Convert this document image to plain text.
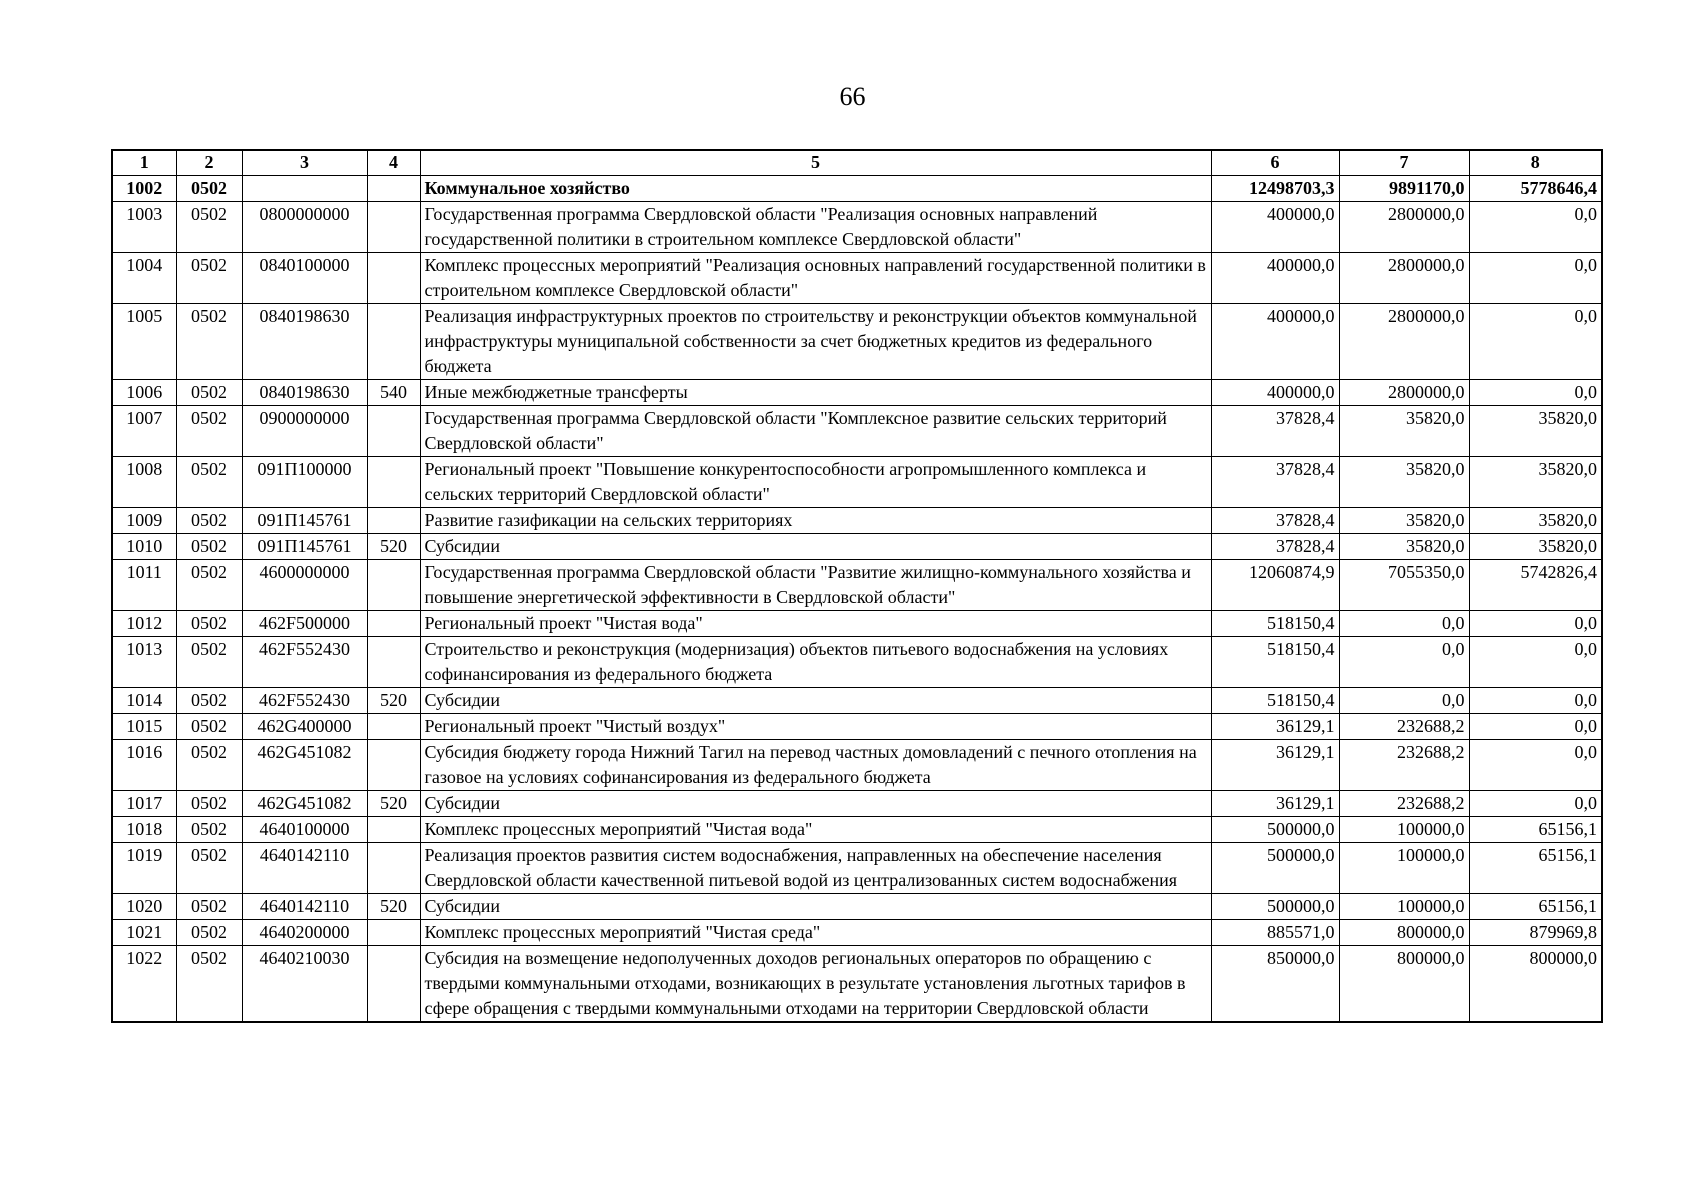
66
1	2	3	4	5	6	7	8
1002	0502			Коммунальное хозяйство	12498703,3	9891170,0	5778646,4
1003	0502	0800000000		Государственная программа Свердловской области "Реализация основных направлений государственной политики в строительном комплексе Свердловской области"	400000,0	2800000,0	0,0
1004	0502	0840100000		Комплекс процессных мероприятий "Реализация основных направлений государственной политики в строительном комплексе Свердловской области"	400000,0	2800000,0	0,0
1005	0502	0840198630		Реализация инфраструктурных проектов по строительству и реконструкции объектов коммунальной инфраструктуры муниципальной собственности за счет бюджетных кредитов из федерального бюджета	400000,0	2800000,0	0,0
1006	0502	0840198630	540	Иные межбюджетные трансферты	400000,0	2800000,0	0,0
1007	0502	0900000000		Государственная программа Свердловской области "Комплексное развитие сельских территорий Свердловской области"	37828,4	35820,0	35820,0
1008	0502	091П100000		Региональный проект "Повышение конкурентоспособности агропромышленного комплекса и сельских территорий Свердловской области"	37828,4	35820,0	35820,0
1009	0502	091П145761		Развитие газификации на сельских территориях	37828,4	35820,0	35820,0
1010	0502	091П145761	520	Субсидии	37828,4	35820,0	35820,0
1011	0502	4600000000		Государственная программа Свердловской области "Развитие жилищно-коммунального хозяйства и повышение энергетической эффективности в Свердловской области"	12060874,9	7055350,0	5742826,4
1012	0502	462F500000		Региональный проект "Чистая вода"	518150,4	0,0	0,0
1013	0502	462F552430		Строительство и реконструкция (модернизация) объектов питьевого водоснабжения на условиях софинансирования из федерального бюджета	518150,4	0,0	0,0
1014	0502	462F552430	520	Субсидии	518150,4	0,0	0,0
1015	0502	462G400000		Региональный проект "Чистый воздух"	36129,1	232688,2	0,0
1016	0502	462G451082		Субсидия бюджету города Нижний Тагил на перевод частных домовладений с печного отопления на газовое на условиях софинансирования из федерального бюджета	36129,1	232688,2	0,0
1017	0502	462G451082	520	Субсидии	36129,1	232688,2	0,0
1018	0502	4640100000		Комплекс процессных мероприятий "Чистая вода"	500000,0	100000,0	65156,1
1019	0502	4640142110		Реализация проектов развития систем водоснабжения, направленных на обеспечение населения Свердловской области качественной питьевой водой из централизованных систем водоснабжения	500000,0	100000,0	65156,1
1020	0502	4640142110	520	Субсидии	500000,0	100000,0	65156,1
1021	0502	4640200000		Комплекс процессных мероприятий "Чистая среда"	885571,0	800000,0	879969,8
1022	0502	4640210030		Субсидия на возмещение недополученных доходов региональных операторов по обращению с твердыми коммунальными отходами, возникающих в результате установления льготных тарифов в сфере обращения с твердыми коммунальными отходами на территории Свердловской области	850000,0	800000,0	800000,0
